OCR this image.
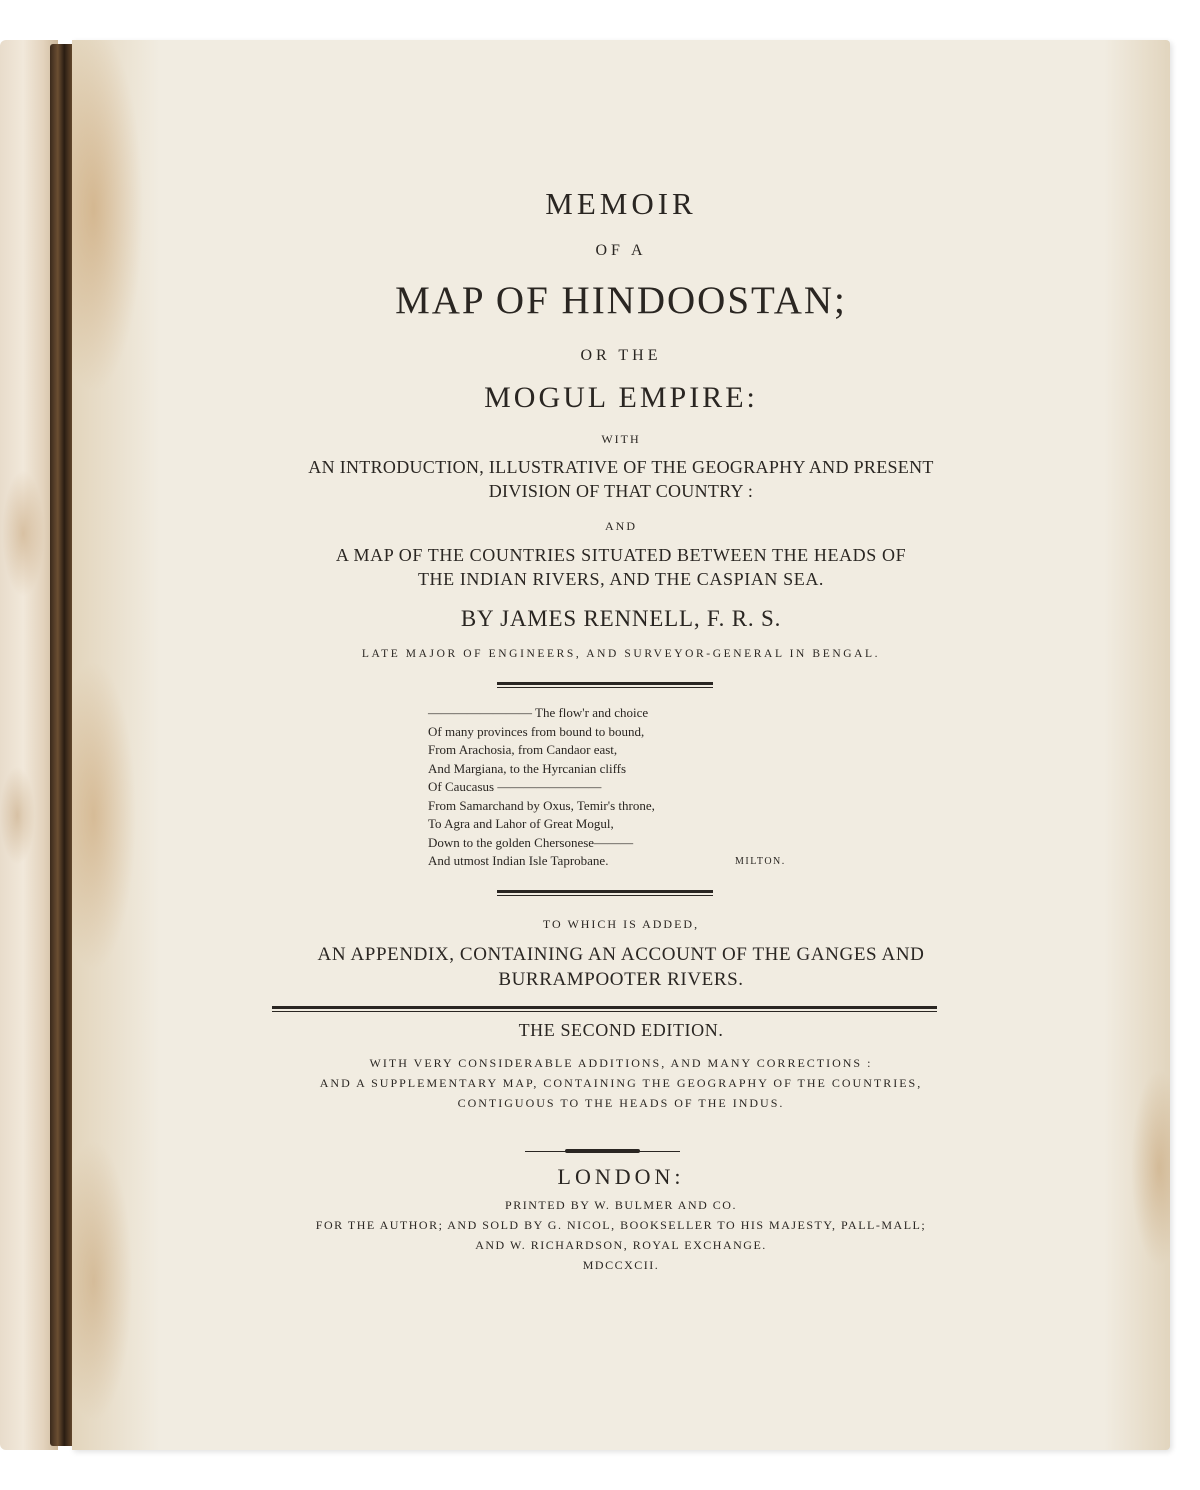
MEMOIR
OF A
MAP OF HINDOOSTAN;
OR THE
MOGUL EMPIRE:
WITH
AN INTRODUCTION, ILLUSTRATIVE OF THE GEOGRAPHY AND PRESENT
DIVISION OF THAT COUNTRY :
AND
A MAP OF THE COUNTRIES SITUATED BETWEEN THE HEADS OF
THE INDIAN RIVERS, AND THE CASPIAN SEA.
BY JAMES RENNELL, F. R. S.
LATE MAJOR OF ENGINEERS, AND SURVEYOR-GENERAL IN BENGAL.
———————— The flow'r and choice
Of many provinces from bound to bound,
From Arachosia, from Candaor east,
And Margiana, to the Hyrcanian cliffs
Of Caucasus ————————
From Samarchand by Oxus, Temir's throne,
To Agra and Lahor of Great Mogul,
Down to the golden Chersonese———
And utmost Indian Isle Taprobane.	MILTON.
TO WHICH IS ADDED,
AN APPENDIX, CONTAINING AN ACCOUNT OF THE GANGES AND
BURRAMPOOTER RIVERS.
THE SECOND EDITION.
WITH VERY CONSIDERABLE ADDITIONS, AND MANY CORRECTIONS :
AND A SUPPLEMENTARY MAP, CONTAINING THE GEOGRAPHY OF THE COUNTRIES,
CONTIGUOUS TO THE HEADS OF THE INDUS.
LONDON:
PRINTED BY W. BULMER AND CO.
FOR THE AUTHOR; AND SOLD BY G. NICOL, BOOKSELLER TO HIS MAJESTY, PALL-MALL;
AND W. RICHARDSON, ROYAL EXCHANGE.
MDCCXCII.
